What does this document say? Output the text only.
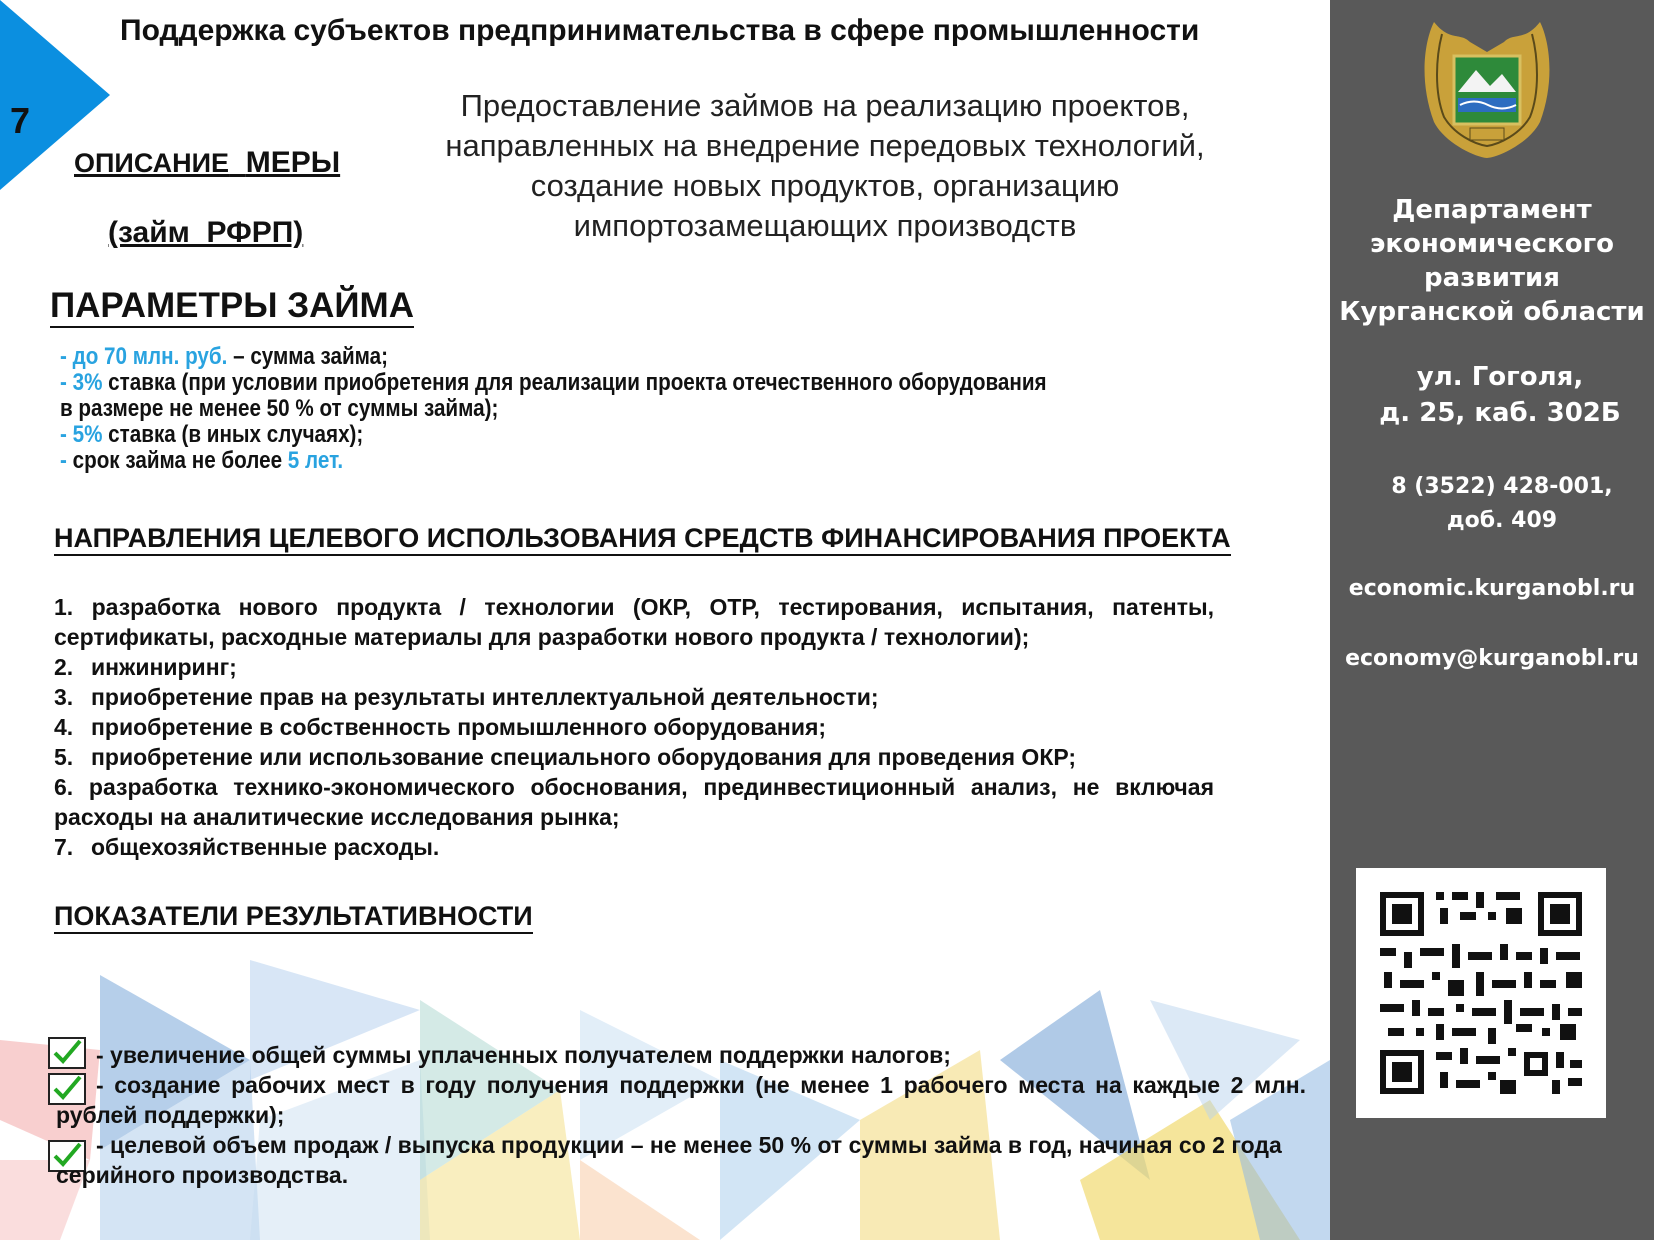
7
Поддержка субъектов предпринимательства в сфере промышленности
ОПИСАНИЕ МЕРЫ
(займ  РФРП)
Предоставление займов на реализацию проектов, направленных на внедрение передовых технологий, создание новых продуктов, организацию импортозамещающих производств
ПАРАМЕТРЫ ЗАЙМА
- до 70 млн. руб. – сумма займа;
- 3% ставка (при условии приобретения для реализации проекта отечественного оборудования
в размере не менее 50 % от суммы займа);
- 5% ставка (в иных случаях);
- срок займа не более 5 лет.
НАПРАВЛЕНИЯ ЦЕЛЕВОГО ИСПОЛЬЗОВАНИЯ СРЕДСТВ ФИНАНСИРОВАНИЯ ПРОЕКТА
1. разработка нового продукта / технологии (ОКР, ОТР, тестирования, испытания, патенты, сертификаты, расходные материалы для разработки нового продукта / технологии);
2. инжиниринг;
3. приобретение прав на результаты интеллектуальной деятельности;
4. приобретение в собственность промышленного оборудования;
5. приобретение или использование специального оборудования для проведения ОКР;
6. разработка технико-экономического обоснования, прединвестиционный анализ, не включая расходы на аналитические исследования рынка;
7. общехозяйственные расходы.
ПОКАЗАТЕЛИ РЕЗУЛЬТАТИВНОСТИ
- увеличение общей суммы уплаченных получателем поддержки налогов;
- создание рабочих мест в году получения поддержки (не менее 1 рабочего места на каждые 2 млн. рублей поддержки);
- целевой объем продаж / выпуска продукции – не менее 50 % от суммы займа в год, начиная со 2 года серийного производства.
Департамент
экономического
развития
Курганской области
ул. Гоголя,
д. 25, каб. 302Б
8 (3522) 428-001,
доб. 409
economic.kurganobl.ru
economy@kurganobl.ru
